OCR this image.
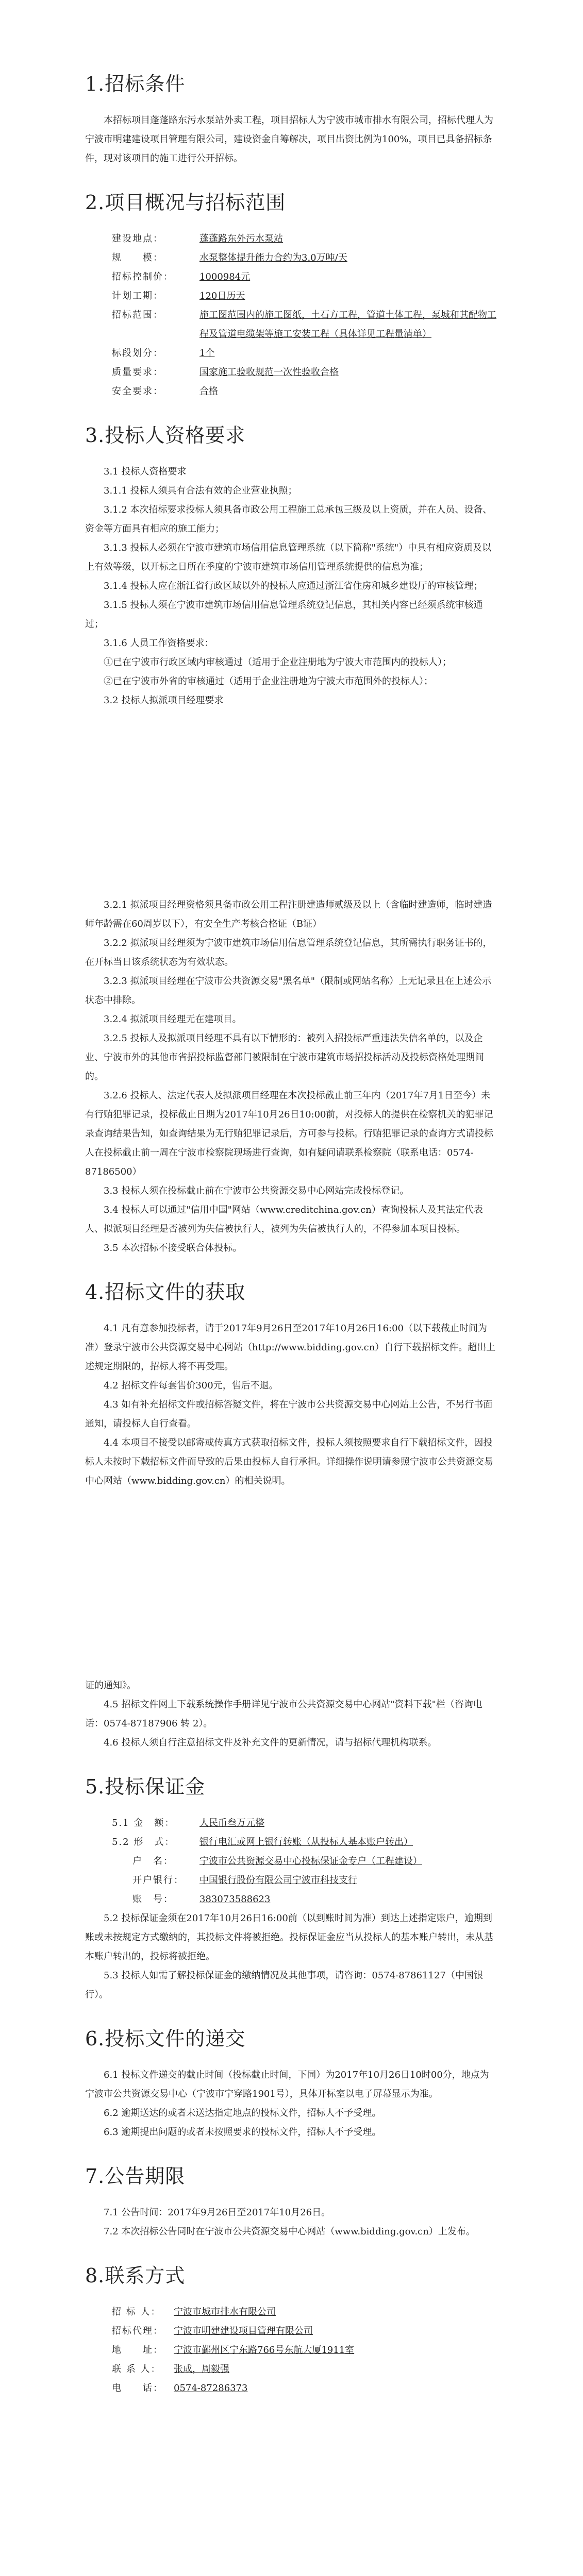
1.招标条件

本招标项目蓬蓬路东污水泵站外卖工程，项目招标人为宁波市城市排水有限公司，招标代理人为宁波市明建建设项目管理有限公司，建设资金自筹解决，项目出资比例为100%，项目已具备招标条件，现对该项目的施工进行公开招标。

2.项目概况与招标范围
建设地点：	蓬蓬路东外污水泵站
规　　模：	水泵整体提升能力合约为3.0万吨/天
招标控制价：	1000984元
计划工期：	120日历天
招标范围：	施工图范围内的施工图纸，土石方工程，管道土体工程，泵城和其配物工程及管道电缆架等施工安装工程（具体详见工程量清单）
标段划分：	1个
质量要求：	国家施工验收规范一次性验收合格
安全要求：	合格
3.投标人资格要求

3.1 投标人资格要求

3.1.1 投标人须具有合法有效的企业营业执照；

3.1.2 本次招标要求投标人须具备市政公用工程施工总承包三级及以上资质，并在人员、设备、资金等方面具有相应的施工能力；

3.1.3 投标人必须在宁波市建筑市场信用信息管理系统（以下简称"系统"）中具有相应资质及以上有效等级，以开标之日所在季度的宁波市建筑市场信用管理系统提供的信息为准；

3.1.4 投标人应在浙江省行政区域以外的投标人应通过浙江省住房和城乡建设厅的审核管理；

3.1.5 投标人须在宁波市建筑市场信用信息管理系统登记信息，其相关内容已经须系统审核通过；

3.1.6 人员工作资格要求：

①已在宁波市行政区域内审核通过（适用于企业注册地为宁波大市范围内的投标人）；

②已在宁波市外省的审核通过（适用于企业注册地为宁波大市范围外的投标人）；

3.2 投标人拟派项目经理要求

3.2.1 拟派项目经理资格须具备市政公用工程注册建造师贰级及以上（含临时建造师，临时建造师年龄需在60周岁以下），有安全生产考核合格证（B证）

3.2.2 拟派项目经理须为宁波市建筑市场信用信息管理系统登记信息，其所需执行职务证书的，在开标当日该系统状态为有效状态。

3.2.3 拟派项目经理在宁波市公共资源交易"黑名单"（限制或网站名称）上无记录且在上述公示状态中排除。

3.2.4 拟派项目经理无在建项目。

3.2.5 投标人及拟派项目经理不具有以下情形的：被列入招投标严重违法失信名单的，以及企业、宁波市外的其他市省招投标监督部门被限制在宁波市建筑市场招投标活动及投标资格处理期间的。

3.2.6 投标人、法定代表人及拟派项目经理在本次投标截止前三年内（2017年7月1日至今）未有行贿犯罪记录，投标截止日期为2017年10月26日10:00前，对投标人的提供在检察机关的犯罪记录查询结果告知，如查询结果为无行贿犯罪记录后，方可参与投标。行贿犯罪记录的查询方式请投标人在投标截止前一周在宁波市检察院现场进行查询，如有疑问请联系检察院（联系电话：0574-87186500）

3.3 投标人须在投标截止前在宁波市公共资源交易中心网站完成投标登记。

3.4 投标人可以通过"信用中国"网站（www.creditchina.gov.cn）查询投标人及其法定代表人、拟派项目经理是否被列为失信被执行人，被列为失信被执行人的，不得参加本项目投标。

3.5 本次招标不接受联合体投标。

4.招标文件的获取

4.1 凡有意参加投标者，请于2017年9月26日至2017年10月26日16:00（以下载截止时间为准）登录宁波市公共资源交易中心网站（http://www.bidding.gov.cn）自行下载招标文件。超出上述规定期限的，招标人将不再受理。

4.2 招标文件每套售价300元，售后不退。

4.3 如有补充招标文件或招标答疑文件，将在宁波市公共资源交易中心网站上公告，不另行书面通知，请投标人自行查看。

4.4 本项目不接受以邮寄或传真方式获取招标文件，投标人须按照要求自行下载招标文件，因投标人未按时下载招标文件而导致的后果由投标人自行承担。详细操作说明请参照宁波市公共资源交易中心网站（www.bidding.gov.cn）的相关说明。

证的通知》。

4.5 招标文件网上下载系统操作手册详见宁波市公共资源交易中心网站"资料下载"栏（咨询电话：0574-87187906 转 2）。

4.6 投标人须自行注意招标文件及补充文件的更新情况，请与招标代理机构联系。

5.投标保证金
5.1 金　额：	人民币叁万元整
5.2 形　式：	银行电汇或网上银行转账（从投标人基本账户转出）
户　名：	宁波市公共资源交易中心投标保证金专户（工程建设）
开户银行：	中国银行股份有限公司宁波市科技支行
账　号：	383073588623

5.2 投标保证金须在2017年10月26日16:00前（以到账时间为准）到达上述指定账户，逾期到账或未按规定方式缴纳的，其投标文件将被拒绝。投标保证金应当从投标人的基本账户转出，未从基本账户转出的，投标将被拒绝。

5.3 投标人如需了解投标保证金的缴纳情况及其他事项，请咨询：0574-87861127（中国银行）。

6.投标文件的递交

6.1 投标文件递交的截止时间（投标截止时间，下同）为2017年10月26日10时00分，地点为宁波市公共资源交易中心（宁波市宁穿路1901号），具体开标室以电子屏幕显示为准。

6.2 逾期送达的或者未送达指定地点的投标文件，招标人不予受理。

6.3 逾期提出问题的或者未按照要求的投标文件，招标人不予受理。

7.公告期限

7.1 公告时间：2017年9月26日至2017年10月26日。

7.2 本次招标公告同时在宁波市公共资源交易中心网站（www.bidding.gov.cn）上发布。

8.联系方式
招 标 人：	宁波市城市排水有限公司
招标代理：	宁波市明建建设项目管理有限公司
地　　址：	宁波市鄞州区宁东路766号东航大厦1911室
联 系 人：	张成，周毅强
电　　话：	0574-87286373
